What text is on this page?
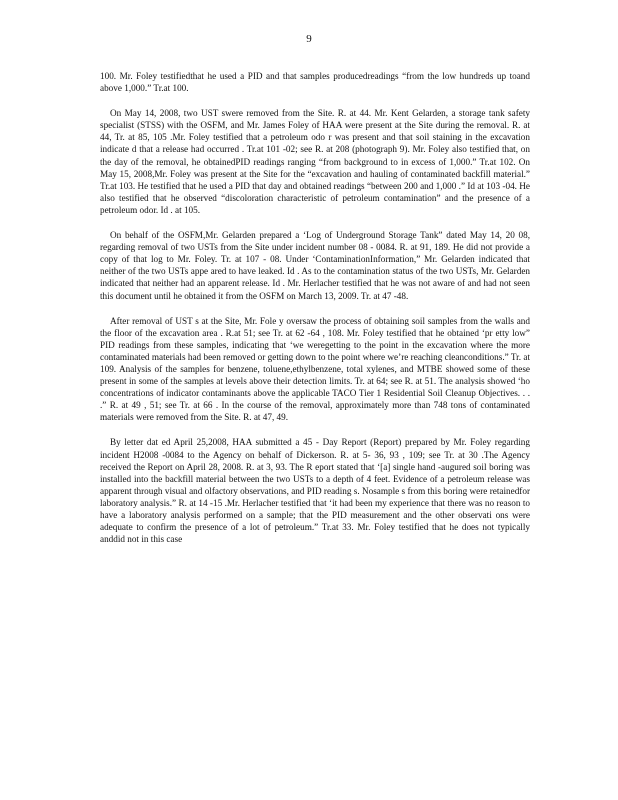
9

100. Mr. Foley testifiedthat he used a PID and that samples producedreadings “from the low hundreds up toand above 1,000.” Tr.at 100.

On May 14, 2008, two UST swere removed from the Site. R. at 44. Mr. Kent Gelarden, a storage tank safety specialist (STSS) with the OSFM, and Mr. James Foley of HAA were present at the Site during the removal. R. at 44, Tr. at 85, 105 .Mr. Foley testified that a petroleum odo r was present and that soil staining in the excavation indicate d that a release had occurred . Tr.at 101 -02; see R. at 208 (photograph 9). Mr. Foley also testified that, on the day of the removal, he obtainedPID readings ranging “from background to in excess of 1,000.” Tr.at 102. On May 15, 2008,Mr. Foley was present at the Site for the “excavation and hauling of contaminated backfill material.” Tr.at 103. He testified that he used a PID that day and obtained readings “between 200 and 1,000 .” Id at 103 -04. He also testified that he observed “discoloration characteristic of petroleum contamination” and the presence of a petroleum odor. Id . at 105.

On behalf of the OSFM,Mr. Gelarden prepared a ‘Log of Underground Storage Tank” dated May 14, 20 08, regarding removal of two USTs from the Site under incident number 08 - 0084. R. at 91, 189. He did not provide a copy of that log to Mr. Foley. Tr. at 107 - 08. Under ‘ContaminationInformation,” Mr. Gelarden indicated that neither of the two USTs appe ared to have leaked. Id . As to the contamination status of the two USTs, Mr. Gelarden indicated that neither had an apparent release. Id . Mr. Herlacher testified that he was not aware of and had not seen this document until he obtained it from the OSFM on March 13, 2009. Tr. at 47 -48.

After removal of UST s at the Site, Mr. Fole y oversaw the process of obtaining soil samples from the walls and the floor of the excavation area . R.at 51; see Tr. at 62 -64 , 108. Mr. Foley testified that he obtained ‘pr etty low” PID readings from these samples, indicating that ‘we weregetting to the point in the excavation where the more contaminated materials had been removed or getting down to the point where we’re reaching cleanconditions.” Tr. at 109. Analysis of the samples for benzene, toluene,ethylbenzene, total xylenes, and MTBE showed some of these present in some of the samples at levels above their detection limits. Tr. at 64; see R. at 51. The analysis showed ‘ho concentrations of indicator contaminants above the applicable TACO Tier 1 Residential Soil Cleanup Objectives. . . .” R. at 49 , 51; see Tr. at 66 . In the course of the removal, approximately more than 748 tons of contaminated materials were removed from the Site. R. at 47, 49.

By letter dat ed April 25,2008, HAA submitted a 45 - Day Report (Report) prepared by Mr. Foley regarding incident H2008 -0084 to the Agency on behalf of Dickerson. R. at 5- 36, 93 , 109; see Tr. at 30 .The Agency received the Report on April 28, 2008. R. at 3, 93. The R eport stated that ‘[a] single hand -augured soil boring was installed into the backfill material between the two USTs to a depth of 4 feet. Evidence of a petroleum release was apparent through visual and olfactory observations, and PID reading s. Nosample s from this boring were retainedfor laboratory analysis.” R. at 14 -15 .Mr. Herlacher testified that ‘it had been my experience that there was no reason to have a laboratory analysis performed on a sample; that the PID measurement and the other observati ons were adequate to confirm the presence of a lot of petroleum.” Tr.at 33. Mr. Foley testified that he does not typically anddid not in this case
